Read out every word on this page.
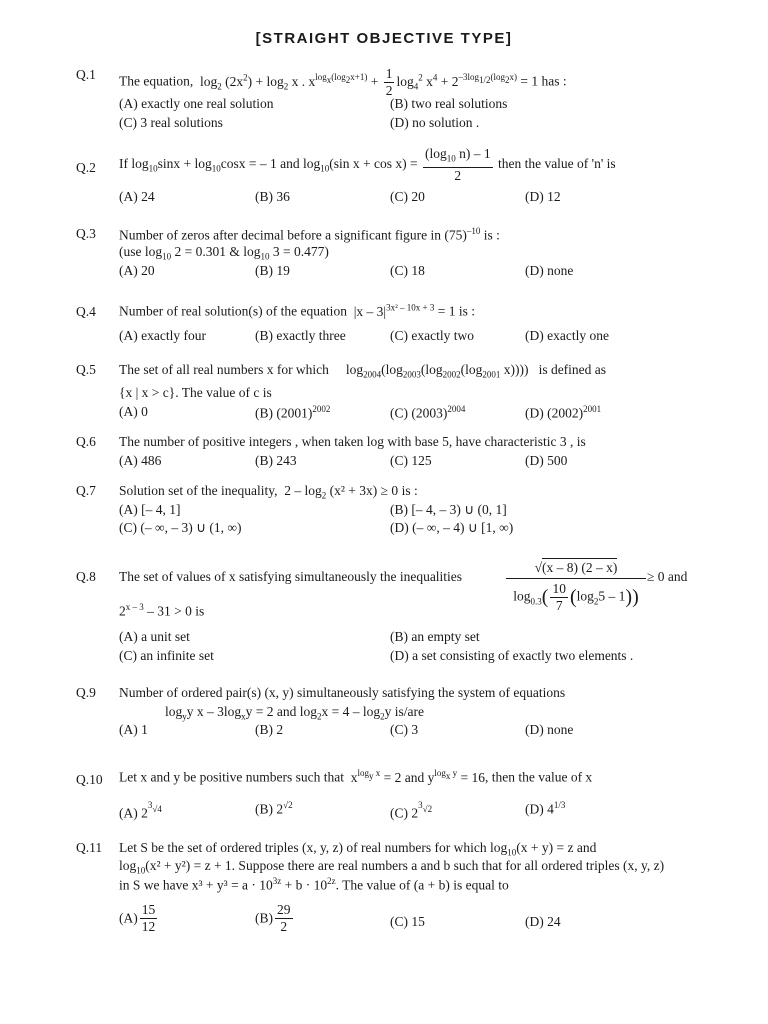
[STRAIGHT OBJECTIVE TYPE]
Q.1 The equation,  $\log_2 (2x^2) + \log_2 x$ . $x^{log_x(log_2x+1)} + \frac{1}{2} \log_4^2 x^4 + 2^{-3log_{1/2}(log_2x)} = 1$ has :
(A) exactly one real solution	(B) two real solutions
(C) 3 real solutions	(D) no solution .
Q.2 If $\log_{10}\sin x + \log_{10}\cos x$ = – 1 and $\log_{10}(\sin$ $x + \cos x) = \frac{(\log_{10} n) - 1}{2}$ then the value of 'n' is
(A) 24	(B) 36	(C) 20	(D) 12
Q.3 Number of zeros after decimal before a significant figure in $(75)^{-10}$ is :
(use $\log_{10} 2 = 0.301$ & $\log_{10} 3 = 0.477$)
(A) 20	(B) 19	(C) 18	(D) none
Q.4 Number of real solution(s) of the equation $|x - 3|^{3x^2 - 10x + 3} = 1$ is :
(A) exactly four	(B) exactly three	(C) exactly two	(D) exactly one
Q.5 The set of all real numbers x for which $\log_{2004}(\log_{2003}(\log_{2002}(\log_{2001}$ x)))) is defined as
{x | x > c}. The value of c is
(A) 0	(B) $(2001)^{2002}$	(C) $(2003)^{2004}$	(D) $(2002)^{2001}$
Q.6 The number of positive integers , when taken log with base 5, have characteristic 3 , is
(A) 486	(B) 243	(C) 125	(D) 500
Q.7 Solution set of the inequality, $2 - \log_2 (x^2 + 3x) \ge 0$ is :
(A) [– 4, 1]	(B) [– 4, – 3) ∪ (0, 1]
(C) (– ∞, – 3) ∪ (1, ∞)	(D) (– ∞, – 4) ∪ [1, ∞)
Q.8 The set of values of x satisfying simultaneously the inequalities	$\frac{√(x - 8) (2 - x)}{\log_{0.3}( \frac{10}{7} (\log_25 - 1))} \ge 0$ and
2$^{x - 3}$ – 31 > 0 is
(A) a unit set	(B) an empty set
(C) an infinite set	(D) a set consisting of exactly two elements .
Q.9 Number of ordered pair(s) (x, y) simultaneously satisfying the system of equations
$\log_yy$ $x - 3\log_xy = 2$ and $\log_2x = 4 - \log_2y$ is/are
(A) 1	(B) 2	(C) 3	(D) none
Q.10 Let x and y be positive numbers such that $x^{log_y x} = 2$ and $y^{log_x y} = 16$, then the value of x
(A) $2^{^3√4}$	(B) $2^{√2}$
(C) $2^{^3√2}$	(D) $4^{1/3}$
Q.11 Let S be the set of ordered triples (x, y, z) of real numbers for which $\log_{10}(x + y) = z$ and
$\log_{10}(x^2 + y^2) = z + 1$. Suppose there are real numbers a and b such that for all ordered triples (x, y, z)
in S we have $x^3 + y^3 = a \cdot 10^{3z} + b \cdot 10^{2z}$. The value of (a + b) is equal to
$(A) \frac{15}{12}$	$(B) \frac{29}{2}$	(C) 15	(D) 24
